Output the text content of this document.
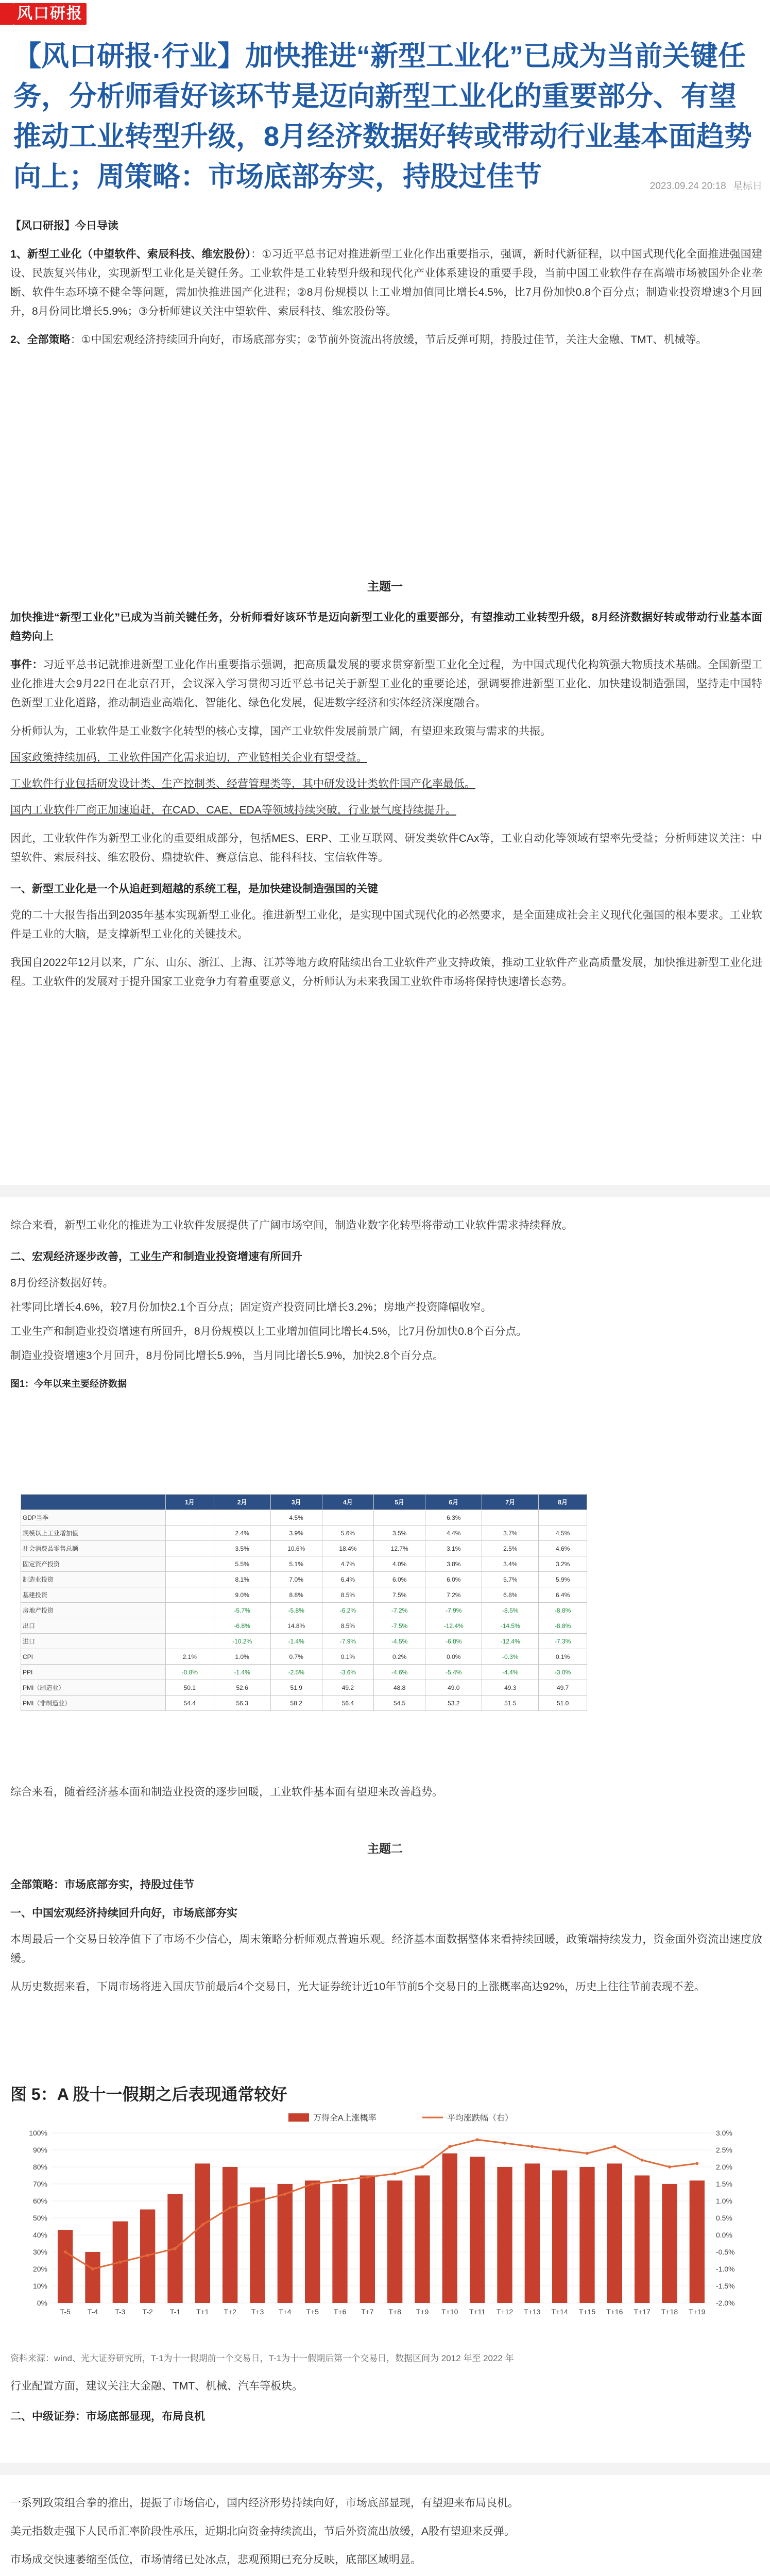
风口研报
【风口研报·行业】加快推进“新型工业化”已成为当前关键任务，分析师看好该环节是迈向新型工业化的重要部分、有望推动工业转型升级，8月经济数据好转或带动行业基本面趋势向上；周策略：市场底部夯实，持股过佳节	2023.09.24 20:18 星标日
【风口研报】今日导读
1、新型工业化（中望软件、索辰科技、维宏股份）：①习近平总书记对推进新型工业化作出重要指示，强调，新时代新征程，以中国式现代化全面推进强国建设、民族复兴伟业，实现新型工业化是关键任务。工业软件是工业转型升级和现代化产业体系建设的重要手段，当前中国工业软件存在高端市场被国外企业垄断、软件生态环境不健全等问题，需加快推进国产化进程；②8月份规模以上工业增加值同比增长4.5%，比7月份加快0.8个百分点；制造业投资增速3个月回升，8月份同比增长5.9%；③分析师建议关注中望软件、索辰科技、维宏股份等。
2、全部策略：①中国宏观经济持续回升向好，市场底部夯实；②节前外资流出将放缓，节后反弹可期，持股过佳节，关注大金融、TMT、机械等。
主题一
加快推进“新型工业化”已成为当前关键任务，分析师看好该环节是迈向新型工业化的重要部分，有望推动工业转型升级，8月经济数据好转或带动行业基本面趋势向上
事件：习近平总书记就推进新型工业化作出重要指示强调，把高质量发展的要求贯穿新型工业化全过程，为中国式现代化构筑强大物质技术基础。全国新型工业化推进大会9月22日在北京召开，会议深入学习贯彻习近平总书记关于新型工业化的重要论述，强调要推进新型工业化、加快建设制造强国，坚持走中国特色新型工业化道路，推动制造业高端化、智能化、绿色化发展，促进数字经济和实体经济深度融合。
分析师认为，工业软件是工业数字化转型的核心支撑，国产工业软件发展前景广阔，有望迎来政策与需求的共振。
国家政策持续加码，工业软件国产化需求迫切，产业链相关企业有望受益。
工业软件行业包括研发设计类、生产控制类、经营管理类等，其中研发设计类软件国产化率最低。
国内工业软件厂商正加速追赶，在CAD、CAE、EDA等领域持续突破，行业景气度持续提升。
因此，工业软件作为新型工业化的重要组成部分，包括MES、ERP、工业互联网、研发类软件CAx等，工业自动化等领域有望率先受益；分析师建议关注：中望软件、索辰科技、维宏股份、鼎捷软件、赛意信息、能科科技、宝信软件等。
一、新型工业化是一个从追赶到超越的系统工程，是加快建设制造强国的关键
党的二十大报告指出到2035年基本实现新型工业化。推进新型工业化，是实现中国式现代化的必然要求，是全面建成社会主义现代化强国的根本要求。工业软件是工业的大脑，是支撑新型工业化的关键技术。
我国自2022年12月以来，广东、山东、浙江、上海、江苏等地方政府陆续出台工业软件产业支持政策，推动工业软件产业高质量发展，加快推进新型工业化进程。工业软件的发展对于提升国家工业竞争力有着重要意义，分析师认为未来我国工业软件市场将保持快速增长态势。
综合来看，新型工业化的推进为工业软件发展提供了广阔市场空间，制造业数字化转型将带动工业软件需求持续释放。
二、宏观经济逐步改善，工业生产和制造业投资增速有所回升
8月份经济数据好转。
社零同比增长4.6%，较7月份加快2.1个百分点；固定资产投资同比增长3.2%；房地产投资降幅收窄。
工业生产和制造业投资增速有所回升，8月份规模以上工业增加值同比增长4.5%，比7月份加快0.8个百分点。
制造业投资增速3个月回升，8月份同比增长5.9%，当月同比增长5.9%，加快2.8个百分点。
图1：今年以来主要经济数据
	1月	2月	3月	4月	5月	6月	7月	8月
GDP当季			4.5%			6.3%		
规模以上工业增加值		2.4%	3.9%	5.6%	3.5%	4.4%	3.7%	4.5%
社会消费品零售总额		3.5%	10.6%	18.4%	12.7%	3.1%	2.5%	4.6%
固定资产投资		5.5%	5.1%	4.7%	4.0%	3.8%	3.4%	3.2%
制造业投资		8.1%	7.0%	6.4%	6.0%	6.0%	5.7%	5.9%
基建投资		9.0%	8.8%	8.5%	7.5%	7.2%	6.8%	6.4%
房地产投资		-5.7%	-5.8%	-6.2%	-7.2%	-7.9%	-8.5%	-8.8%
出口		-6.8%	14.8%	8.5%	-7.5%	-12.4%	-14.5%	-8.8%
进口		-10.2%	-1.4%	-7.9%	-4.5%	-6.8%	-12.4%	-7.3%
CPI	2.1%	1.0%	0.7%	0.1%	0.2%	0.0%	-0.3%	0.1%
PPI	-0.8%	-1.4%	-2.5%	-3.6%	-4.6%	-5.4%	-4.4%	-3.0%
PMI（制造业）	50.1	52.6	51.9	49.2	48.8	49.0	49.3	49.7
PMI（非制造业）	54.4	56.3	58.2	56.4	54.5	53.2	51.5	51.0
综合来看，随着经济基本面和制造业投资的逐步回暖，工业软件基本面有望迎来改善趋势。
主题二
全部策略：市场底部夯实，持股过佳节
一、中国宏观经济持续回升向好，市场底部夯实
本周最后一个交易日较净值下了市场不少信心，周末策略分析师观点普遍乐观。经济基本面数据整体来看持续回暖，政策端持续发力，资金面外资流出速度放缓。
从历史数据来看，下周市场将进入国庆节前最后4个交易日，光大证券统计近10年节前5个交易日的上涨概率高达92%，历史上往往节前表现不差。
图 5：A 股十一假期之后表现通常较好
0%
10%
20%
30%
40%
50%
60%
70%
80%
90%
100%
-2.0%
-1.5%
-1.0%
-0.5%
0.0%
0.5%
1.0%
1.5%
2.0%
2.5%
3.0%
T-5 T-4 T-3 T-2 T-1 T+1 T+2 T+3 T+4 T+5 T+6 T+7 T+8 T+9 T+10 T+11 T+12 T+13 T+14 T+15 T+16 T+17 T+18 T+19
万得全A上涨概率	平均涨跌幅（右）
资料来源：wind、光大证券研究所，T-1为十一假期前一个交易日，T-1为十一假期后第一个交易日，数据区间为 2012 年至 2022 年
行业配置方面，建议关注大金融、TMT、机械、汽车等板块。
二、中级证券：市场底部显现，布局良机
一系列政策组合拳的推出，提振了市场信心，国内经济形势持续向好，市场底部显现，有望迎来布局良机。
美元指数走强下人民币汇率阶段性承压，近期北向资金持续流出，节后外资流出放缓，A股有望迎来反弹。
市场成交快速萎缩至低位，市场情绪已处冰点，悲观预期已充分反映，底部区域明显。
